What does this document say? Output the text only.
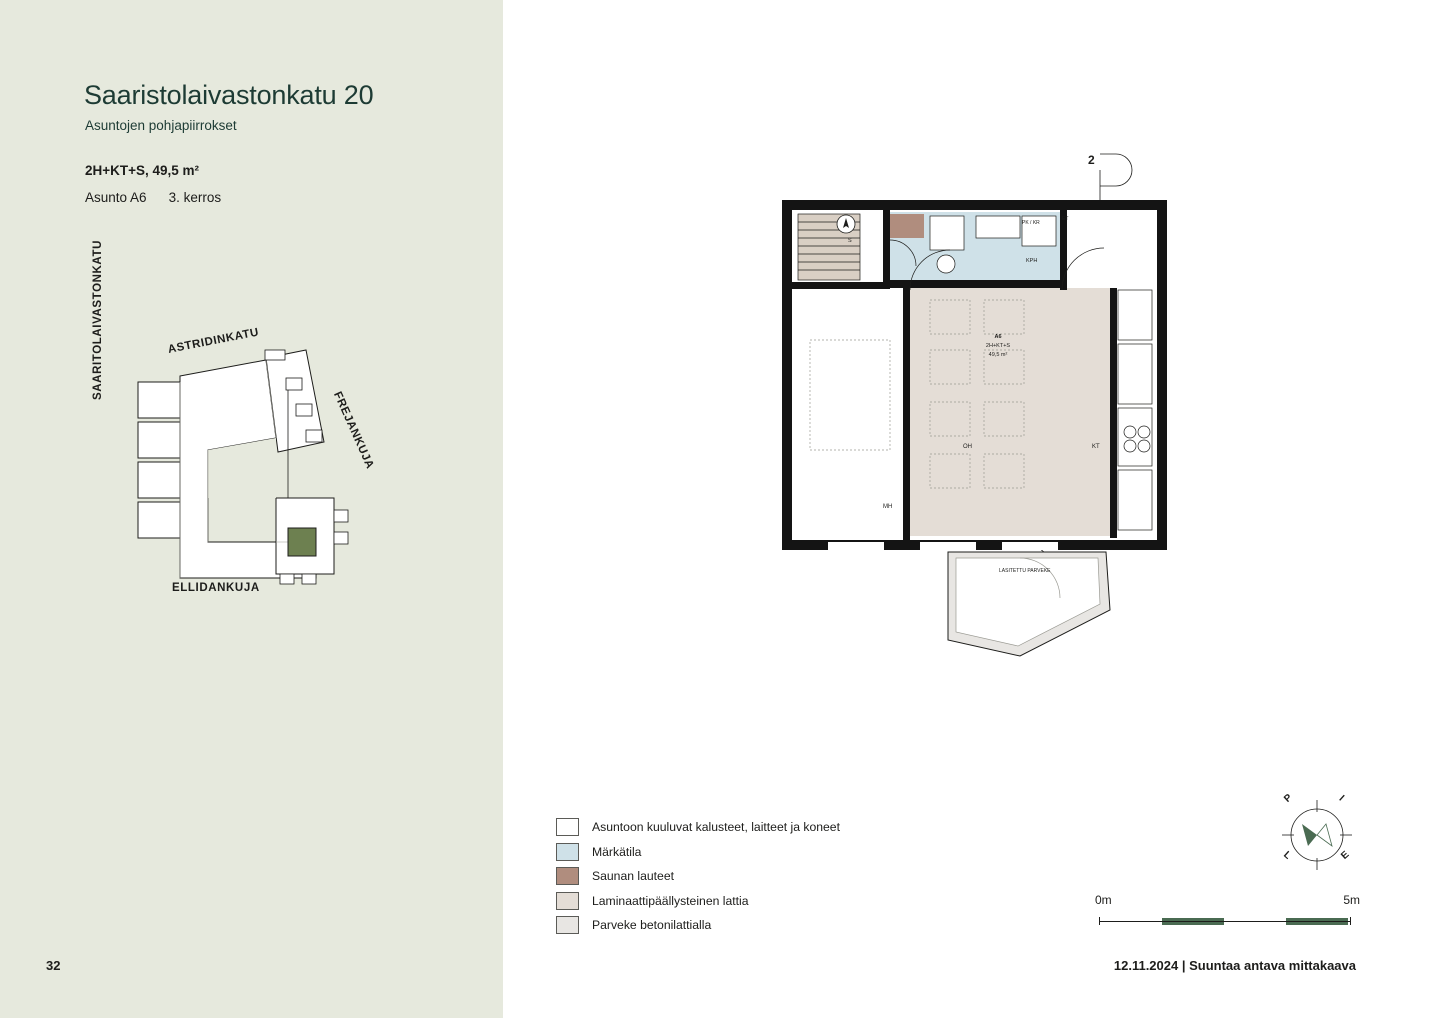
Saaristolaivastonkatu 20
Asuntojen pohjapiirrokset
2H+KT+S, 49,5 m²
Asunto A6 3. kerros
ASTRIDINKATU
SAARITOLAIVASTONKATU
FREJANKUJA
ELLIDANKUJA
32
2
OH
MH
KT
KPH
S
ET
PK / KR
LASITETTU PARVEKE
A6
2H+KT+S
49,5 m²
Asuntoon kuuluvat kalusteet, laitteet ja koneet
Märkätila
Saunan lauteet
Laminaattipäällysteinen lattia
Parveke betonilattialla
P	I
E
L
0m	5m
12.11.2024 | Suuntaa antava mittakaava
